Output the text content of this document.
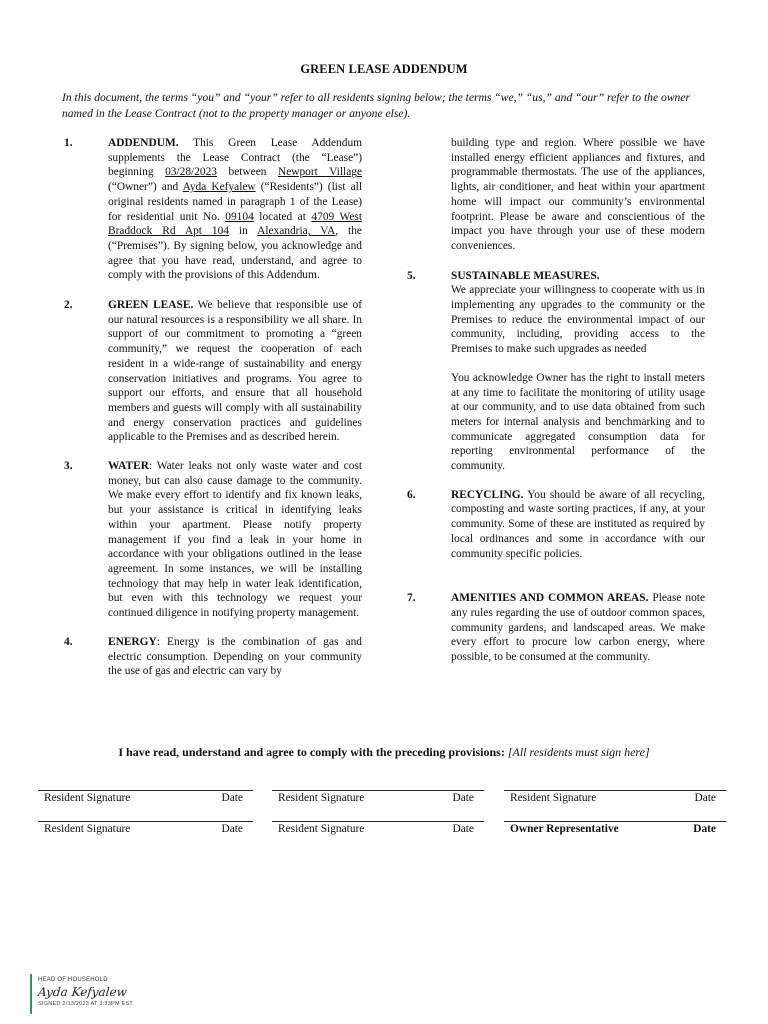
GREEN LEASE ADDENDUM
In this document, the terms “you” and “your” refer to all residents signing below; the terms “we,” “us,” and “our” refer to the owner named in the Lease Contract (not to the property manager or anyone else).
1.	ADDENDUM. This Green Lease Addendum supplements the Lease Contract (the “Lease”) beginning 03/28/2023 between Newport Village (“Owner”) and Ayda Kefyalew (“Residents”) (list all original residents named in paragraph 1 of the Lease) for residential unit No. 09104 located at 4709 West Braddock Rd Apt 104 in Alexandria, VA, the (“Premises”). By signing below, you acknowledge and agree that you have read, understand, and agree to comply with the provisions of this Addendum.

2.	GREEN LEASE. We believe that responsible use of our natural resources is a responsibility we all share. In support of our commitment to promoting a “green community,” we request the cooperation of each resident in a wide-range of sustainability and energy conservation initiatives and programs. You agree to support our efforts, and ensure that all household members and guests will comply with all sustainability and energy conservation practices and guidelines applicable to the Premises and as described herein.

3.	WATER: Water leaks not only waste water and cost money, but can also cause damage to the community. We make every effort to identify and fix known leaks, but your assistance is critical in identifying leaks within your apartment. Please notify property management if you find a leak in your home in accordance with your obligations outlined in the lease agreement. In some instances, we will be installing technology that may help in water leak identification, but even with this technology we request your continued diligence in notifying property management.

4.	ENERGY: Energy is the combination of gas and electric consumption. Depending on your community the use of gas and electric can vary by

building type and region. Where possible we have installed energy efficient appliances and fixtures, and programmable thermostats. The use of the appliances, lights, air conditioner, and heat within your apartment home will impact our community’s environmental footprint. Please be aware and conscientious of the impact you have through your use of these modern conveniences.

5.	SUSTAINABLE MEASURES.

We appreciate your willingness to cooperate with us in implementing any upgrades to the community or the Premises to reduce the environmental impact of our community, including, providing access to the Premises to make such upgrades as needed

You acknowledge Owner has the right to install meters at any time to facilitate the monitoring of utility usage at our community, and to use data obtained from such meters for internal analysis and benchmarking and to communicate aggregated consumption data for reporting environmental performance of the community.

6.	RECYCLING. You should be aware of all recycling, composting and waste sorting practices, if any, at your community. Some of these are instituted as required by local ordinances and some in accordance with our community specific policies.

7.	AMENITIES AND COMMON AREAS. Please note any rules regarding the use of outdoor common spaces, community gardens, and landscaped areas. We make every effort to procure low carbon energy, where possible, to be consumed at the community.

I have read, understand and agree to comply with the preceding provisions: [All residents must sign here]
Resident Signature	Date	Resident Signature	Date	Resident Signature	Date
Resident Signature	Date	Resident Signature	Date	Owner Representative	Date
HEAD OF HOUSEHOLD
Ayda Kefyalew
SIGNED 2/13/2023 AT 3:33PM EST
